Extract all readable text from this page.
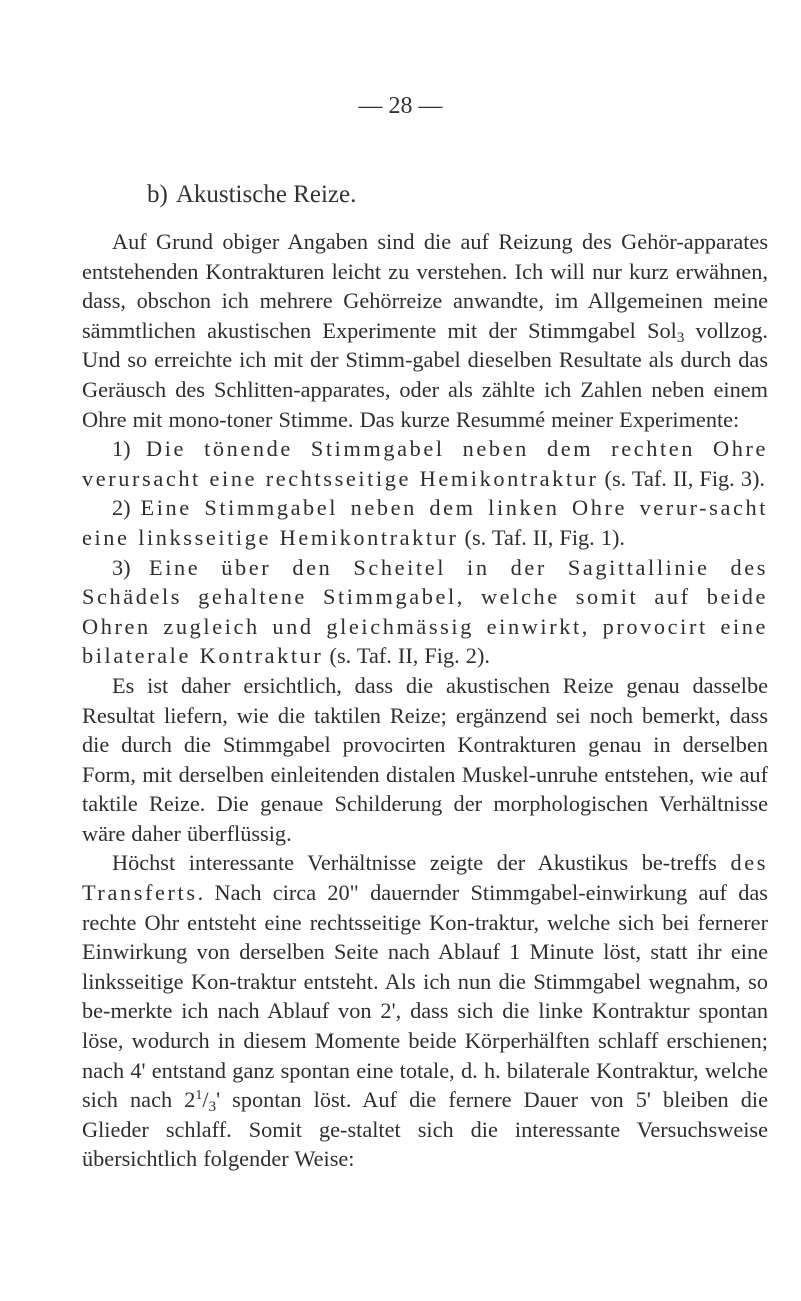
— 28 —
b) Akustische Reize.

Auf Grund obiger Angaben sind die auf Reizung des Gehör-apparates entstehenden Kontrakturen leicht zu verstehen. Ich will nur kurz erwähnen, dass, obschon ich mehrere Gehörreize anwandte, im Allgemeinen meine sämmtlichen akustischen Experimente mit der Stimmgabel Sol$_3$ vollzog. Und so erreichte ich mit der Stimm-gabel dieselben Resultate als durch das Geräusch des Schlitten-apparates, oder als zählte ich Zahlen neben einem Ohre mit mono-toner Stimme. Das kurze Resummé meiner Experimente:

1) Die tönende Stimmgabel neben dem rechten Ohre verursacht eine rechtsseitige Hemikontraktur (s. Taf. II, Fig. 3).

2) Eine Stimmgabel neben dem linken Ohre verur-sacht eine linksseitige Hemikontraktur (s. Taf. II, Fig. 1).

3) Eine über den Scheitel in der Sagittallinie des Schädels gehaltene Stimmgabel, welche somit auf beide Ohren zugleich und gleichmässig einwirkt, provocirt eine bilaterale Kontraktur (s. Taf. II, Fig. 2).

Es ist daher ersichtlich, dass die akustischen Reize genau dasselbe Resultat liefern, wie die taktilen Reize; ergänzend sei noch bemerkt, dass die durch die Stimmgabel provocirten Kontrakturen genau in derselben Form, mit derselben einleitenden distalen Muskel-unruhe entstehen, wie auf taktile Reize. Die genaue Schilderung der morphologischen Verhältnisse wäre daher überflüssig.

Höchst interessante Verhältnisse zeigte der Akustikus be-treffs des Transferts. Nach circa 20" dauernder Stimmgabel-einwirkung auf das rechte Ohr entsteht eine rechtsseitige Kon-traktur, welche sich bei fernerer Einwirkung von derselben Seite nach Ablauf 1 Minute löst, statt ihr eine linksseitige Kon-traktur entsteht. Als ich nun die Stimmgabel wegnahm, so be-merkte ich nach Ablauf von 2', dass sich die linke Kontraktur spontan löse, wodurch in diesem Momente beide Körperhälften schlaff erschienen; nach 4' entstand ganz spontan eine totale, d. h. bilaterale Kontraktur, welche sich nach $2^1/_3'$ spontan löst. Auf die fernere Dauer von 5' bleiben die Glieder schlaff. Somit ge-staltet sich die interessante Versuchsweise übersichtlich folgender Weise:
